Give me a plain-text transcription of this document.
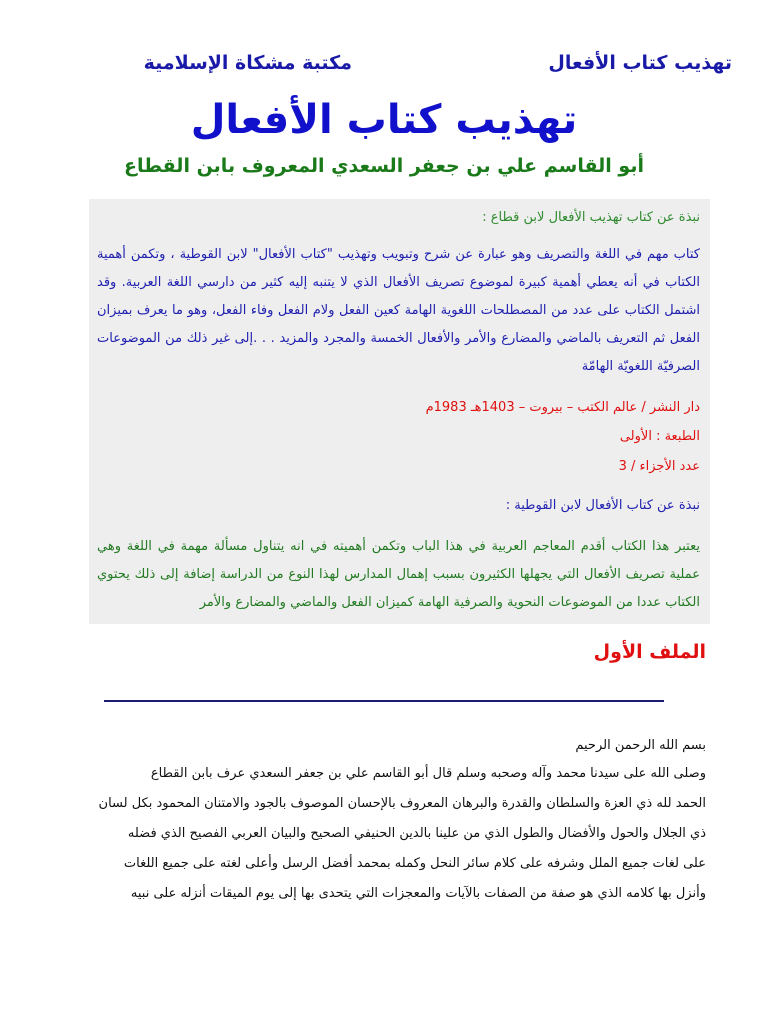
تهذيب كتاب الأفعال
مكتبة مشكاة الإسلامية
تهذيب كتاب الأفعال
أبو القاسم علي بن جعفر السعدي المعروف بابن القطاع
نبذة عن كتاب تهذيب الأفعال لابن قطاع :
كتاب مهم في اللغة والتصريف وهو عبارة عن شرح وتبويب وتهذيب "كتاب الأفعال" لابن القوطية ، وتكمن أهمية الكتاب في أنه يعطي أهمية كبيرة لموضوع تصريف الأفعال الذي لا يتنبه إليه كثير من دارسي اللغة العربية. وقد اشتمل الكتاب على عدد من المصطلحات اللغوية الهامة كعين الفعل ولام الفعل وفاء الفعل، وهو ما يعرف بميزان الفعل ثم التعريف بالماضي والمضارع والأمر والأفعال الخمسة والمجرد والمزيد . . .إلى غير ذلك من الموضوعات الصرفيّة اللغويّة الهامّة
دار النشر / عالم الكتب – بيروت – 1403هـ 1983م
الطبعة : الأولى
عدد الأجزاء / 3
نبذة عن كتاب الأفعال لابن القوطية :
يعتبر هذا الكتاب أقدم المعاجم العربية في هذا الباب وتكمن أهميته في انه يتناول مسألة مهمة في اللغة وهي عملية تصريف الأفعال التي يجهلها الكثيرون بسبب إهمال المدارس لهذا النوع من الدراسة إضافة إلى ذلك يحتوي الكتاب عددا من الموضوعات النحوية والصرفية الهامة كميزان الفعل والماضي والمضارع والأمر
الملف الأول
بسم الله الرحمن الرحيم
وصلى الله على سيدنا محمد وآله وصحبه وسلم قال أبو القاسم علي بن جعفر السعدي عرف بابن القطاع
الحمد لله ذي العزة والسلطان والقدرة والبرهان المعروف بالإحسان الموصوف بالجود والامتنان المحمود بكل لسان
ذي الجلال والحول والأفضال والطول الذي من علينا بالدين الحنيفي الصحيح والبيان العربي الفصيح الذي فضله
على لغات جميع الملل وشرفه على كلام سائر النحل وكمله بمحمد أفضل الرسل وأعلى لغته على جميع اللغات
وأنزل بها كلامه الذي هو صفة من الصفات بالآيات والمعجزات التي يتحدى بها إلى يوم الميقات أنزله على نبيه
